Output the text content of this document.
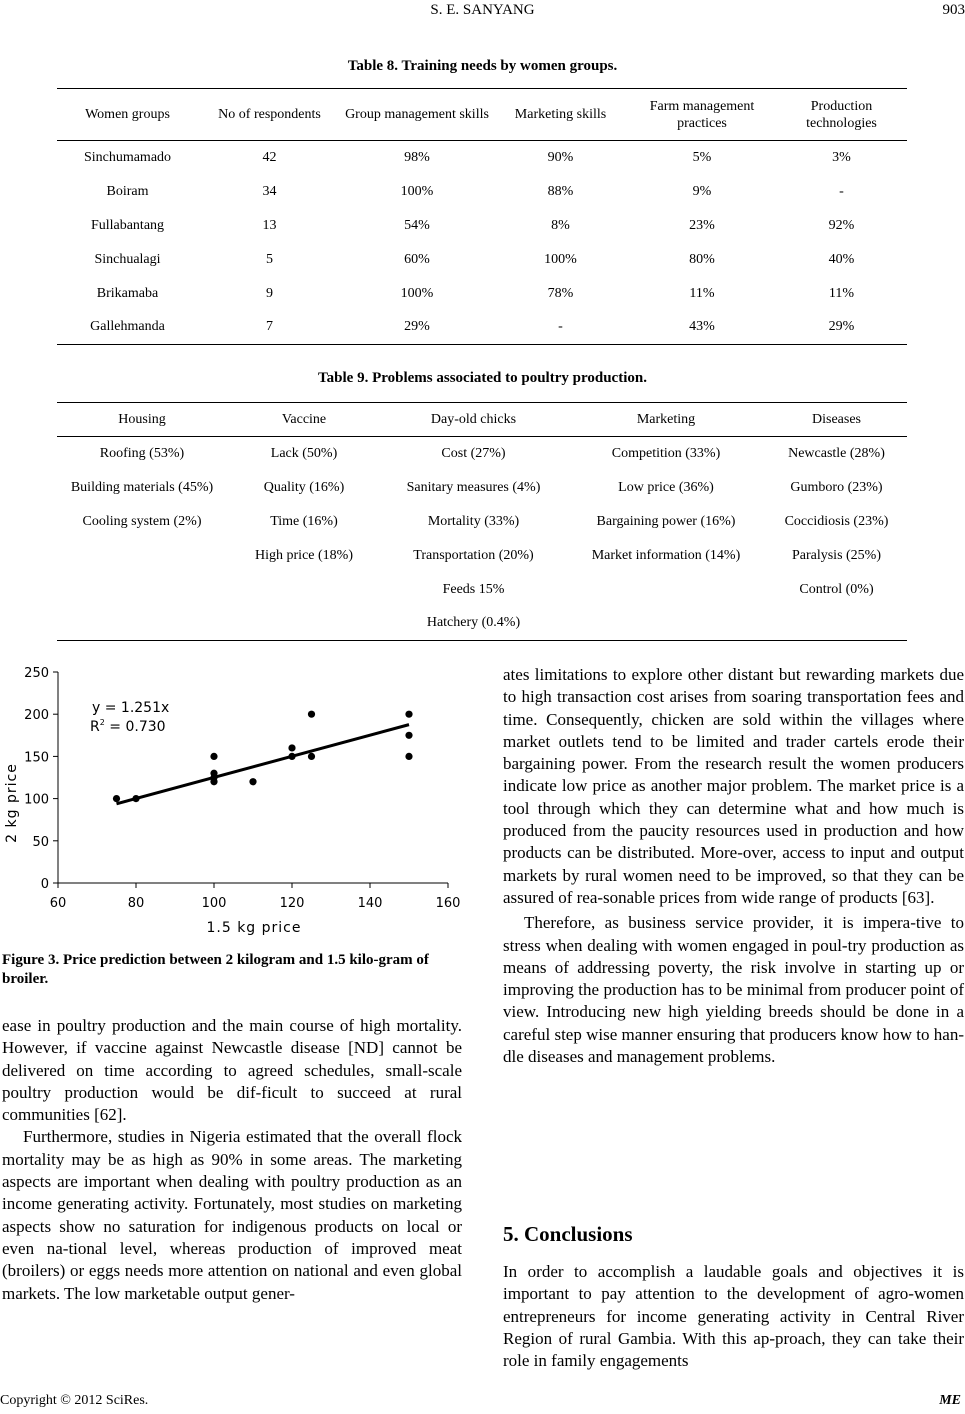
S. E. SANYANG	903
Table 8. Training needs by women groups.
Women groups	No of respondents	Group management skills	Marketing skills	Farm management practices	Production technologies
Sinchumamado	42	98%	90%	5%	3%
Boiram	34	100%	88%	9%	-
Fullabantang	13	54%	8%	23%	92%
Sinchualagi	5	60%	100%	80%	40%
Brikamaba	9	100%	78%	11%	11%
Gallehmanda	7	29%	-	43%	29%
Table 9. Problems associated to poultry production.
Housing	Vaccine	Day-old chicks	Marketing	Diseases
Roofing (53%)	Lack (50%)	Cost (27%)	Competition (33%)	Newcastle (28%)
Building materials (45%)	Quality (16%)	Sanitary measures (4%)	Low price (36%)	Gumboro (23%)
Cooling system (2%)	Time (16%)	Mortality (33%)	Bargaining power (16%)	Coccidiosis (23%)
	High price (18%)	Transportation (20%)	Market information (14%)	Paralysis (25%)
		Feeds 15%		Control (0%)
		Hatchery (0.4%)		
0
50
100
150
200
250
60	80	100	120	140	160
y = 1.251x
$R^2 = 0.730$
1.5 kg price
2 kg price
Figure 3. Price prediction between 2 kilogram and 1.5 kilo-gram of broiler.

ease in poultry production and the main course of high mortality. However, if vaccine against Newcastle disease [ND] cannot be delivered on time according to agreed schedules, small-scale poultry production would be dif-ficult to succeed at rural communities [62].

Furthermore, studies in Nigeria estimated that the overall flock mortality may be as high as 90% in some areas. The marketing aspects are important when dealing with poultry production as an income generating activity. Fortunately, most studies on marketing aspects show no saturation for indigenous products on local or even na-tional level, whereas production of improved meat (broilers) or eggs needs more attention on national and even global markets. The low marketable output gener-

ates limitations to explore other distant but rewarding markets due to high transaction cost arises from soaring transportation fees and time. Consequently, chicken are sold within the villages where market outlets tend to be limited and trader cartels erode their bargaining power. From the research result the women producers indicate low price as another major problem. The market price is a tool through which they can determine what and how much is produced from the paucity resources used in production and how products can be distributed. More-over, access to input and output markets by rural women need to be improved, so that they can be assured of rea-sonable prices from wide range of products [63].

Therefore, as business service provider, it is impera-tive to stress when dealing with women engaged in poul-try production as means of addressing poverty, the risk involve in starting up or improving the production has to be minimal from producer point of view. Introducing new high yielding breeds should be done in a careful step wise manner ensuring that producers know how to han-dle diseases and management problems.

5. Conclusions

In order to accomplish a laudable goals and objectives it is important to pay attention to the development of agro-women entrepreneurs for income generating activity in Central River Region of rural Gambia. With this ap-proach, they can take their role in family engagements

Copyright © 2012 SciRes.	ME
